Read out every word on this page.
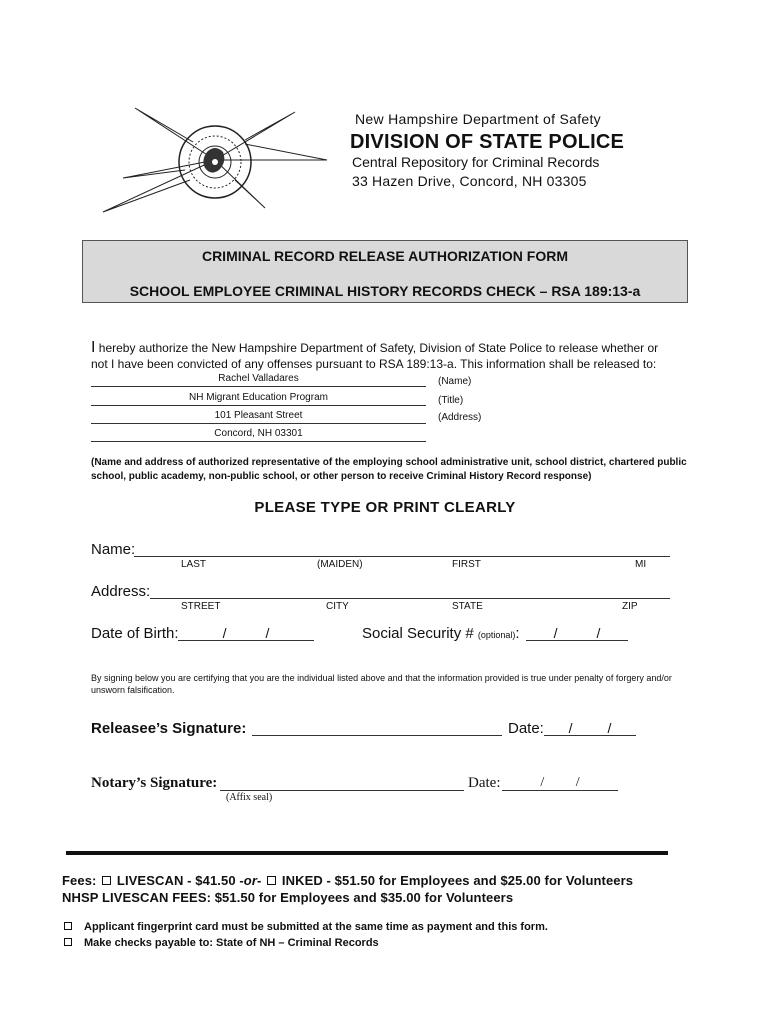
New Hampshire Department of Safety
DIVISION OF STATE POLICE
Central Repository for Criminal Records
33 Hazen Drive, Concord, NH 03305
CRIMINAL RECORD RELEASE AUTHORIZATION FORM
SCHOOL EMPLOYEE CRIMINAL HISTORY RECORDS CHECK – RSA 189:13-a
I hereby authorize the New Hampshire Department of Safety, Division of State Police to release whether or
not I have been convicted of any offenses pursuant to RSA 189:13-a. This information shall be released to:
Rachel Valladares	(Name)
NH Migrant Education Program	(Title)
101 Pleasant Street	(Address)
Concord, NH 03301
(Name and address of authorized representative of the employing school administrative unit, school district, chartered public school, public academy, non-public school, or other person to receive Criminal History Record response)
PLEASE TYPE OR PRINT CLEARLY
Name:
LAST	(MAIDEN)	FIRST	MI
Address:
STREET	CITY	STATE	ZIP
Date of Birth:	/          /	Social Security # (optional):	/          /
By signing below you are certifying that you are the individual listed above and that the information provided is true under penalty of forgery and/or unsworn falsification.
Releasee’s Signature:	Date:	/         /
Notary’s Signature:	Date:	/         /
(Affix seal)
Fees: LIVESCAN - $41.50 -or-  INKED - $51.50 for Employees and $25.00 for Volunteers
NHSP LIVESCAN FEES: $51.50 for Employees and $35.00 for Volunteers
Applicant fingerprint card must be submitted at the same time as payment and this form.
Make checks payable to: State of NH – Criminal Records
